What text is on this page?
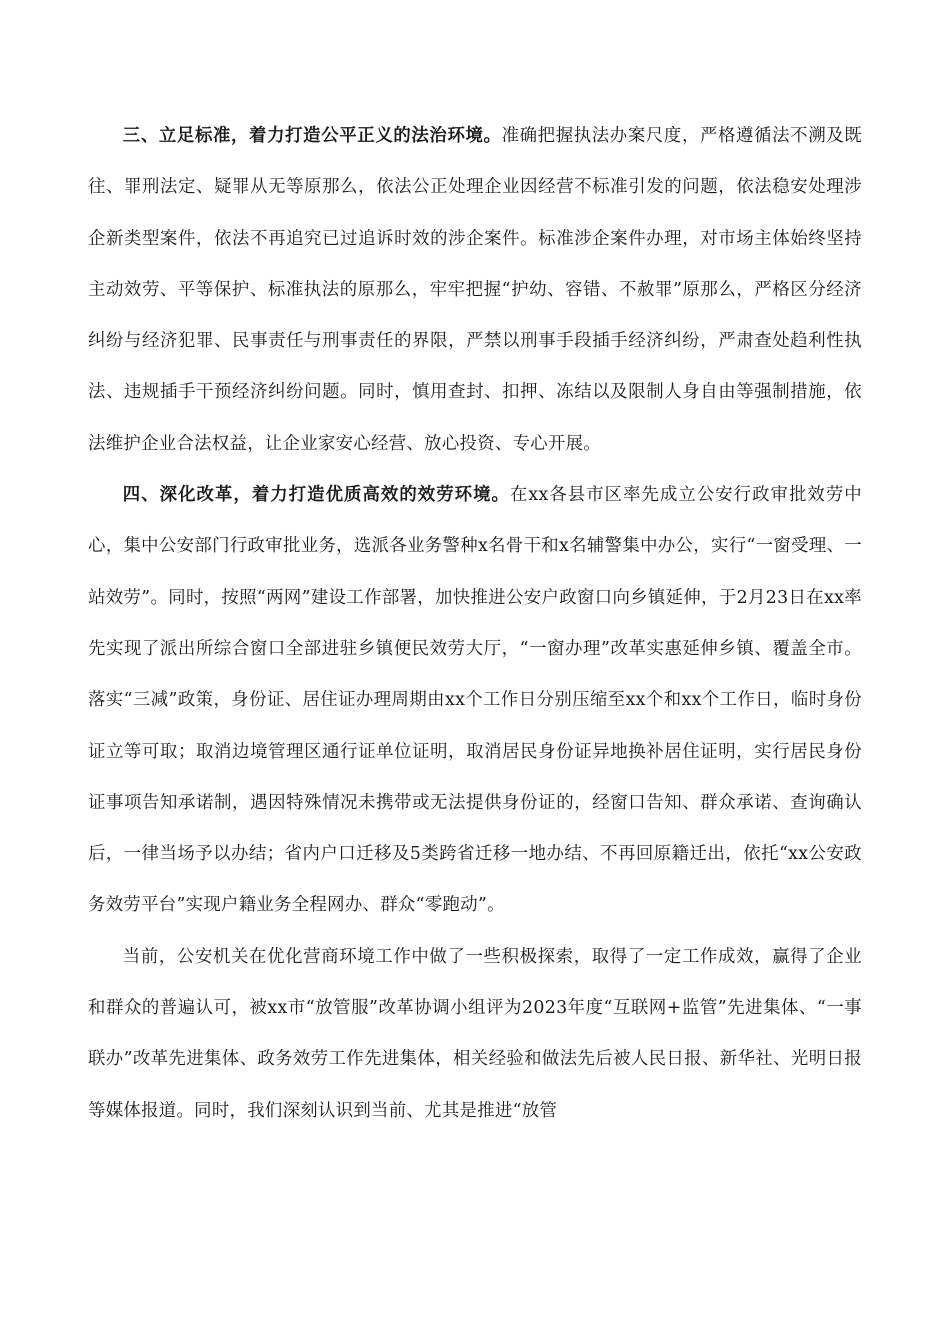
三、立足标准，着力打造公平正义的法治环境。准确把握执法办案尺度，严格遵循法不溯及既往、罪刑法定、疑罪从无等原那么，依法公正处理企业因经营不标准引发的问题，依法稳安处理涉企新类型案件，依法不再追究已过追诉时效的涉企案件。标准涉企案件办理，对市场主体始终坚持主动效劳、平等保护、标准执法的原那么，牢牢把握“护幼、容错、不赦罪”原那么，严格区分经济纠纷与经济犯罪、民事责任与刑事责任的界限，严禁以刑事手段插手经济纠纷，严肃查处趋利性执法、违规插手干预经济纠纷问题。同时，慎用查封、扣押、冻结以及限制人身自由等强制措施，依法维护企业合法权益，让企业家安心经营、放心投资、专心开展。

四、深化改革，着力打造优质高效的效劳环境。在xx各县市区率先成立公安行政审批效劳中心，集中公安部门行政审批业务，选派各业务警种x名骨干和x名辅警集中办公，实行“一窗受理、一站效劳”。同时，按照“两网”建设工作部署，加快推进公安户政窗口向乡镇延伸，于2月23日在xx率先实现了派出所综合窗口全部进驻乡镇便民效劳大厅，“一窗办理”改革实惠延伸乡镇、覆盖全市。落实“三减”政策，身份证、居住证办理周期由xx个工作日分别压缩至xx个和xx个工作日，临时身份证立等可取；取消边境管理区通行证单位证明，取消居民身份证异地换补居住证明，实行居民身份证事项告知承诺制，遇因特殊情况未携带或无法提供身份证的，经窗口告知、群众承诺、查询确认后，一律当场予以办结；省内户口迁移及5类跨省迁移一地办结、不再回原籍迁出，依托“xx公安政务效劳平台”实现户籍业务全程网办、群众“零跑动”。

当前，公安机关在优化营商环境工作中做了一些积极探索，取得了一定工作成效，赢得了企业和群众的普遍认可，被xx市“放管服”改革协调小组评为2023年度“互联网+监管”先进集体、“一事联办”改革先进集体、政务效劳工作先进集体，相关经验和做法先后被人民日报、新华社、光明日报等媒体报道。同时，我们深刻认识到当前、尤其是推进“放管
